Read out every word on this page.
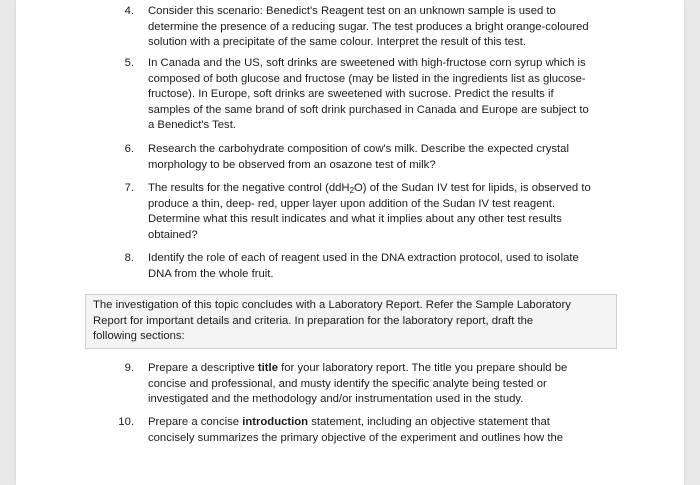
4. Consider this scenario: Benedict's Reagent test on an unknown sample is used to
determine the presence of a reducing sugar. The test produces a bright orange-coloured
solution with a precipitate of the same colour. Interpret the result of this test.
5. In Canada and the US, soft drinks are sweetened with high-fructose corn syrup which is
composed of both glucose and fructose (may be listed in the ingredients list as glucose-
fructose). In Europe, soft drinks are sweetened with sucrose. Predict the results if
samples of the same brand of soft drink purchased in Canada and Europe are subject to
a Benedict's Test.
6. Research the carbohydrate composition of cow's milk. Describe the expected crystal
morphology to be observed from an osazone test of milk?
7. The results for the negative control (ddH$_2$O) of the Sudan IV test for lipids, is observed to
produce a thin, deep- red, upper layer upon addition of the Sudan IV test reagent.
Determine what this result indicates and what it implies about any other test results
obtained?
8. Identify the role of each of reagent used in the DNA extraction protocol, used to isolate
DNA from the whole fruit.
The investigation of this topic concludes with a Laboratory Report. Refer the Sample Laboratory
Report for important details and criteria. In preparation for the laboratory report, draft the
following sections:
9. Prepare a descriptive title for your laboratory report. The title you prepare should be
concise and professional, and musty identify the specific analyte being tested or
investigated and the methodology and/or instrumentation used in the study.
10. Prepare a concise introduction statement, including an objective statement that
concisely summarizes the primary objective of the experiment and outlines how the
